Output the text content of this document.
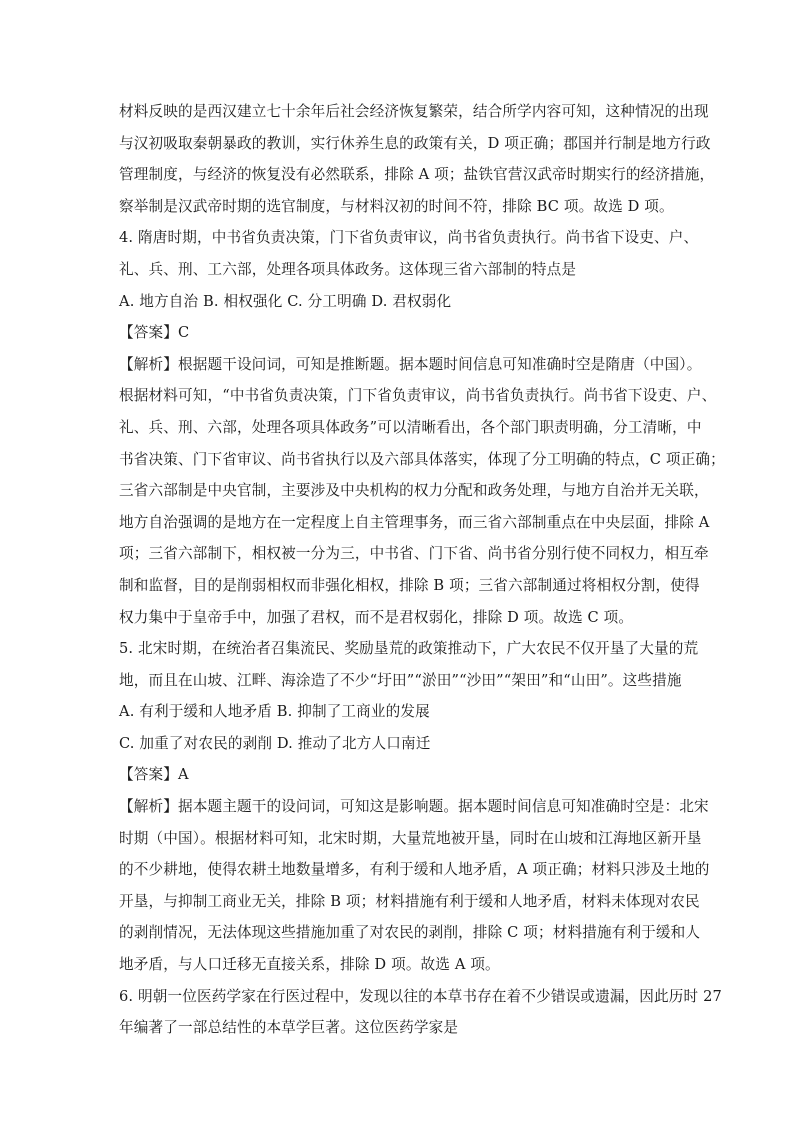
材料反映的是西汉建立七十余年后社会经济恢复繁荣，结合所学内容可知，这种情况的出现
与汉初吸取秦朝暴政的教训，实行休养生息的政策有关，D 项正确；郡国并行制是地方行政
管理制度，与经济的恢复没有必然联系，排除 A 项；盐铁官营汉武帝时期实行的经济措施，
察举制是汉武帝时期的选官制度，与材料汉初的时间不符，排除 BC 项。故选 D 项。
4. 隋唐时期，中书省负责决策，门下省负责审议，尚书省负责执行。尚书省下设吏、户、
礼、兵、刑、工六部，处理各项具体政务。这体现三省六部制的特点是
A. 地方自治 B. 相权强化 C. 分工明确 D. 君权弱化
【答案】C
【解析】根据题干设问词，可知是推断题。据本题时间信息可知准确时空是隋唐（中国）。
根据材料可知，“中书省负责决策，门下省负责审议，尚书省负责执行。尚书省下设吏、户、
礼、兵、刑、六部，处理各项具体政务”可以清晰看出，各个部门职责明确，分工清晰，中
书省决策、门下省审议、尚书省执行以及六部具体落实，体现了分工明确的特点，C 项正确；
三省六部制是中央官制，主要涉及中央机构的权力分配和政务处理，与地方自治并无关联，
地方自治强调的是地方在一定程度上自主管理事务，而三省六部制重点在中央层面，排除 A
项；三省六部制下，相权被一分为三，中书省、门下省、尚书省分别行使不同权力，相互牵
制和监督，目的是削弱相权而非强化相权，排除 B 项；三省六部制通过将相权分割，使得
权力集中于皇帝手中，加强了君权，而不是君权弱化，排除 D 项。故选 C 项。
5. 北宋时期，在统治者召集流民、奖励垦荒的政策推动下，广大农民不仅开垦了大量的荒
地，而且在山坡、江畔、海涂造了不少“圩田”“淤田”“沙田”“架田”和“山田”。这些措施
A. 有利于缓和人地矛盾 B. 抑制了工商业的发展
C. 加重了对农民的剥削 D. 推动了北方人口南迁
【答案】A
【解析】据本题主题干的设问词，可知这是影响题。据本题时间信息可知准确时空是：北宋
时期（中国）。根据材料可知，北宋时期，大量荒地被开垦，同时在山坡和江海地区新开垦
的不少耕地，使得农耕土地数量增多，有利于缓和人地矛盾，A 项正确；材料只涉及土地的
开垦，与抑制工商业无关，排除 B 项；材料措施有利于缓和人地矛盾，材料未体现对农民
的剥削情况，无法体现这些措施加重了对农民的剥削，排除 C 项；材料措施有利于缓和人
地矛盾，与人口迁移无直接关系，排除 D 项。故选 A 项。
6. 明朝一位医药学家在行医过程中，发现以往的本草书存在着不少错误或遗漏，因此历时 27
年编著了一部总结性的本草学巨著。这位医药学家是
